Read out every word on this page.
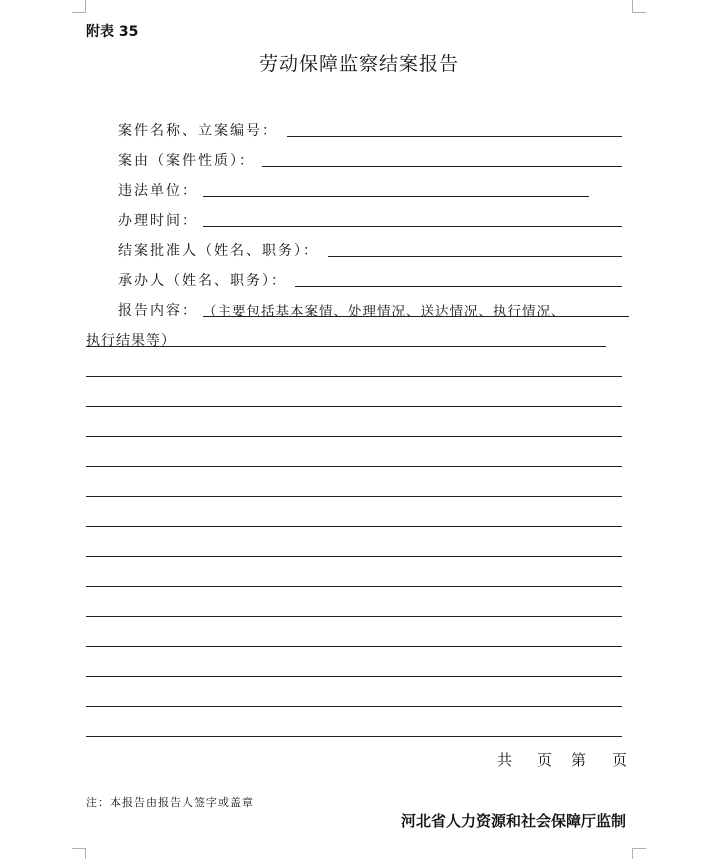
附表 35
劳动保障监察结案报告
案件名称、立案编号：
案由（案件性质）：
违法单位：
办理时间：
结案批准人（姓名、职务）：
承办人（姓名、职务）：
报告内容： （主要包括基本案情、处理情况、送达情况、执行情况、
执行结果等）
共 页 第 页
注：本报告由报告人签字或盖章
河北省人力资源和社会保障厅监制
